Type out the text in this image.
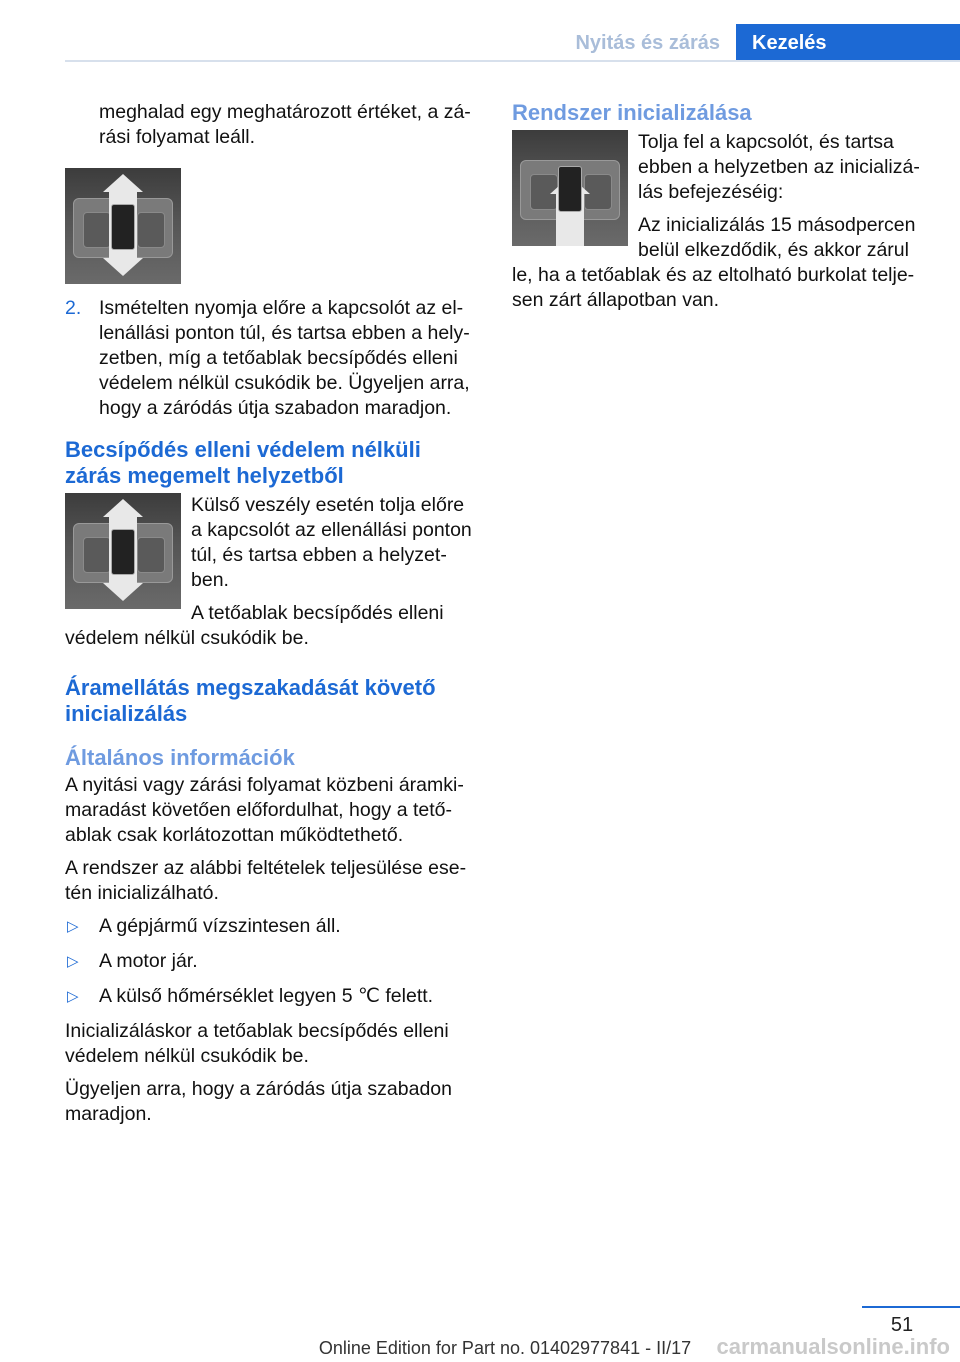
Nyitás és zárás	Kezelés

meghalad egy meghatározott értéket, a zá‐ rási folyamat leáll.

2. Ismételten nyomja előre a kapcsolót az el‐ lenállási ponton túl, és tartsa ebben a hely‐ zetben, míg a tetőablak becsípődés elleni védelem nélkül csukódik be. Ügyeljen arra, hogy a záródás útja szabadon maradjon.
Becsípődés elleni védelem nélküli zárás megemelt helyzetből

Külső veszély esetén tolja előre a kapcsolót az ellenállási ponton túl, és tartsa ebben a helyzet‐ ben.

A tetőablak becsípődés elleni védelem nélkül csukódik be.

Áramellátás megszakadását követő inicializálás
Általános információk

A nyitási vagy zárási folyamat közbeni áramki‐ maradást követően előfordulhat, hogy a tető‐ ablak csak korlátozottan működtethető.

A rendszer az alábbi feltételek teljesülése ese‐ tén inicializálható.

▷ A gépjármű vízszintesen áll.
▷ A motor jár.
▷ A külső hőmérséklet legyen 5 ℃ felett.

Inicializáláskor a tetőablak becsípődés elleni védelem nélkül csukódik be.

Ügyeljen arra, hogy a záródás útja szabadon maradjon.

Rendszer inicializálása

Tolja fel a kapcsolót, és tartsa ebben a helyzetben az inicializá‐ lás befejezéséig:

Az inicializálás 15 másodpercen belül elkezdődik, és akkor zárul le, ha a tetőablak és az eltolható burkolat telje‐ sen zárt állapotban van.

51
Online Edition for Part no. 01402977841 - II/17	carmanualsonline.info
